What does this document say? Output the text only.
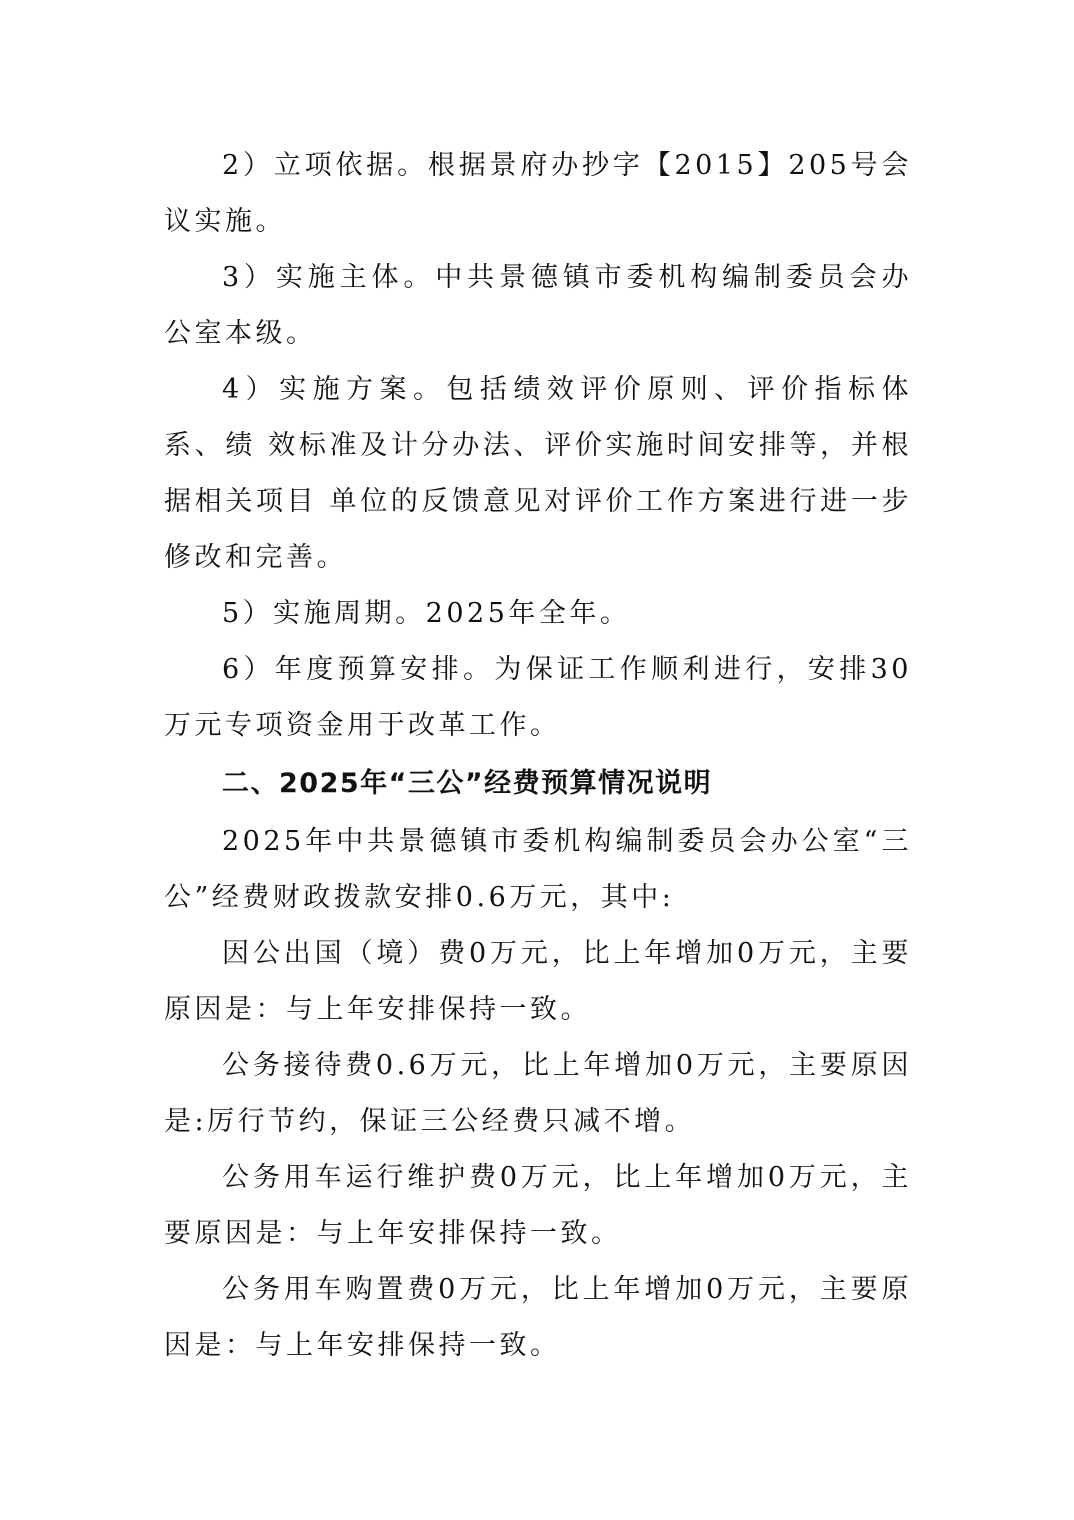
2）立项依据。根据景府办抄字【2015】205号会议实施。

3）实施主体。中共景德镇市委机构编制委员会办公室本级。

4）实施方案。包括绩效评价原则、评价指标体系、绩 效标准及计分办法、评价实施时间安排等，并根据相关项目 单位的反馈意见对评价工作方案进行进一步修改和完善。

5）实施周期。2025年全年。

6）年度预算安排。为保证工作顺利进行，安排30万元专项资金用于改革工作。

二、2025年“三公”经费预算情况说明

2025年中共景德镇市委机构编制委员会办公室“三公”经费财政拨款安排0.6万元，其中:

因公出国（境）费0万元，比上年增加0万元，主要原因是：与上年安排保持一致。

公务接待费0.6万元，比上年增加0万元，主要原因是:厉行节约，保证三公经费只减不增。

公务用车运行维护费0万元，比上年增加0万元，主要原因是：与上年安排保持一致。

公务用车购置费0万元，比上年增加0万元，主要原因是：与上年安排保持一致。
